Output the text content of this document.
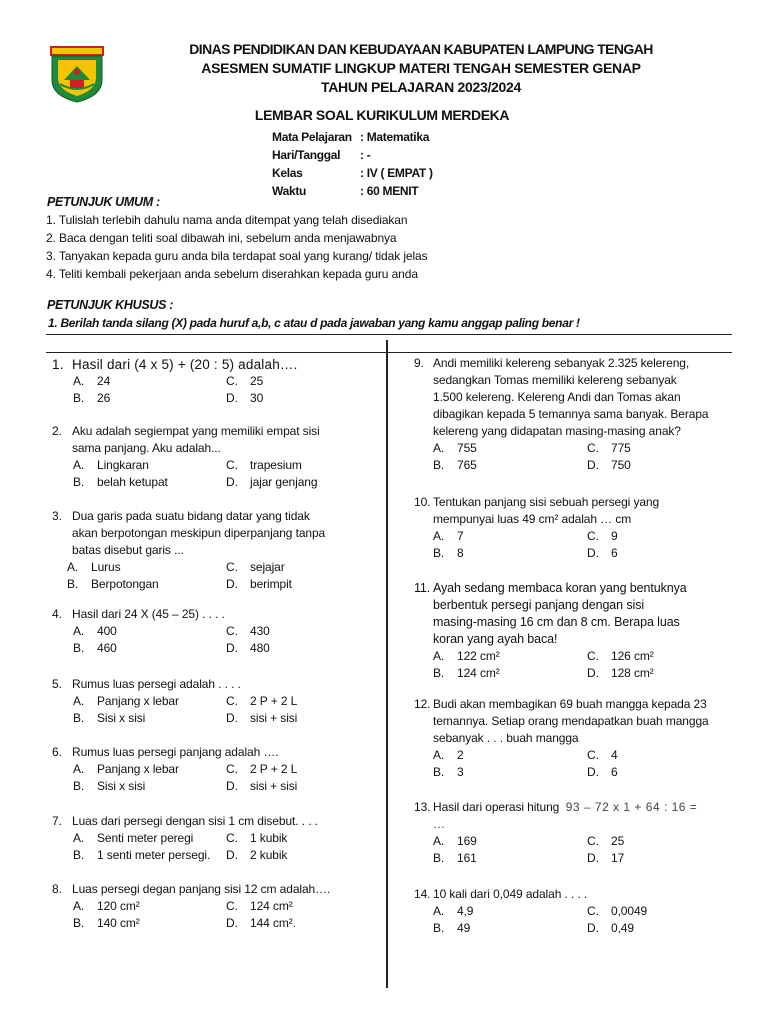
DINAS PENDIDIKAN DAN KEBUDAYAAN KABUPATEN LAMPUNG TENGAH
ASESMEN SUMATIF LINGKUP MATERI TENGAH SEMESTER GENAP
TAHUN PELAJARAN 2023/2024
LEMBAR SOAL KURIKULUM MERDEKA
Mata Pelajaran : Matematika
Hari/Tanggal	: -
Kelas	: IV ( EMPAT )
Waktu	: 60 MENIT
PETUNJUK UMUM :
1. Tulislah terlebih dahulu nama anda ditempat yang telah disediakan
2. Baca dengan teliti soal dibawah ini, sebelum anda menjawabnya
3. Tanyakan kepada guru anda bila terdapat soal yang kurang/ tidak jelas
4. Teliti kembali pekerjaan anda sebelum diserahkan kepada guru anda
PETUNJUK KHUSUS :
1. Berilah tanda silang (X) pada huruf a,b, c atau d pada jawaban yang kamu anggap paling benar !
1. Hasil dari (4 x 5) + (20 : 5) adalah….
A.	24	C.	25
B.	26	D.	30
2. Aku adalah segiempat yang memiliki empat sisi
sama panjang. Aku adalah...
A.	Lingkaran	C.	trapesium
B.	belah ketupat	D.	jajar genjang
3. Dua garis pada suatu bidang datar yang tidak
akan berpotongan meskipun diperpanjang tanpa
batas disebut garis ...
A.	Lurus	C.	sejajar
B.	Berpotongan	D.	berimpit
4. Hasil dari 24 X (45 – 25) . . . .
A.	400	C.	430
B.	460	D.	480
5. Rumus luas persegi adalah . . . .
A.	Panjang x lebar	C.	2 P + 2 L
B.	Sisi x sisi	D.	sisi + sisi
6. Rumus luas persegi panjang adalah ….
A.	Panjang x lebar	C.	2 P + 2 L
B.	Sisi x sisi	D.	sisi + sisi
7. Luas dari persegi dengan sisi 1 cm disebut. . . .
A.	Senti meter peregi	C.	1 kubik
B.	1 senti meter persegi. D.	2 kubik
8. Luas persegi degan panjang sisi 12 cm adalah….
A.	120 cm²	C.	124 cm²
B.	140 cm²	D.	144 cm².
9. Andi memiliki kelereng sebanyak 2.325 kelereng,
sedangkan Tomas memiliki kelereng sebanyak
1.500 kelereng. Kelereng Andi dan Tomas akan
dibagikan kepada 5 temannya sama banyak. Berapa
kelereng yang didapatan masing-masing anak?
A.	755	C.	775
B.	765	D.	750
10. Tentukan panjang sisi sebuah persegi yang
mempunyai luas 49 cm² adalah … cm
A.	7	C.	9
B.	8	D.	6
11. Ayah sedang membaca koran yang bentuknya
berbentuk persegi panjang dengan sisi
masing-masing 16 cm dan 8 cm. Berapa luas
koran yang ayah baca!
A.	122 cm²	C.	126 cm²
B.	124 cm²	D.	128 cm²
12. Budi akan membagikan 69 buah mangga kepada 23
temannya. Setiap orang mendapatkan buah mangga
sebanyak . . . buah mangga
A.	2	C.	4
B.	3	D.	6
13. Hasil dari operasi hitung 93 – 72 x 1 + 64 : 16 =
…
A.	169	C.	25
B.	161	D.	17
14. 10 kali dari 0,049 adalah . . . .
A.	4,9	C.	0,0049
B.	49	D.	0,49
